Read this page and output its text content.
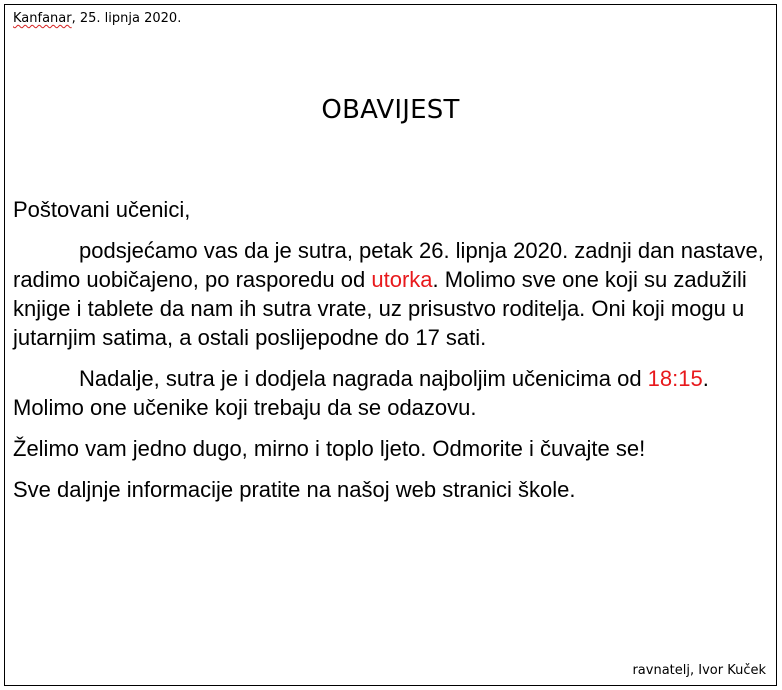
Kanfanar, 25. lipnja 2020.
OBAVIJEST

Poštovani učenici,

podsjećamo vas da je sutra, petak 26. lipnja 2020. zadnji dan nastave, radimo uobičajeno, po rasporedu od utorka. Molimo sve one koji su zadužili knjige i tablete da nam ih sutra vrate, uz prisustvo roditelja. Oni koji mogu u jutarnjim satima, a ostali poslijepodne do 17 sati.

Nadalje, sutra je i dodjela nagrada najboljim učenicima od 18:15. Molimo one učenike koji trebaju da se odazovu.

Želimo vam jedno dugo, mirno i toplo ljeto. Odmorite i čuvajte se!

Sve daljnje informacije pratite na našoj web stranici škole.

ravnatelj, Ivor Kuček
